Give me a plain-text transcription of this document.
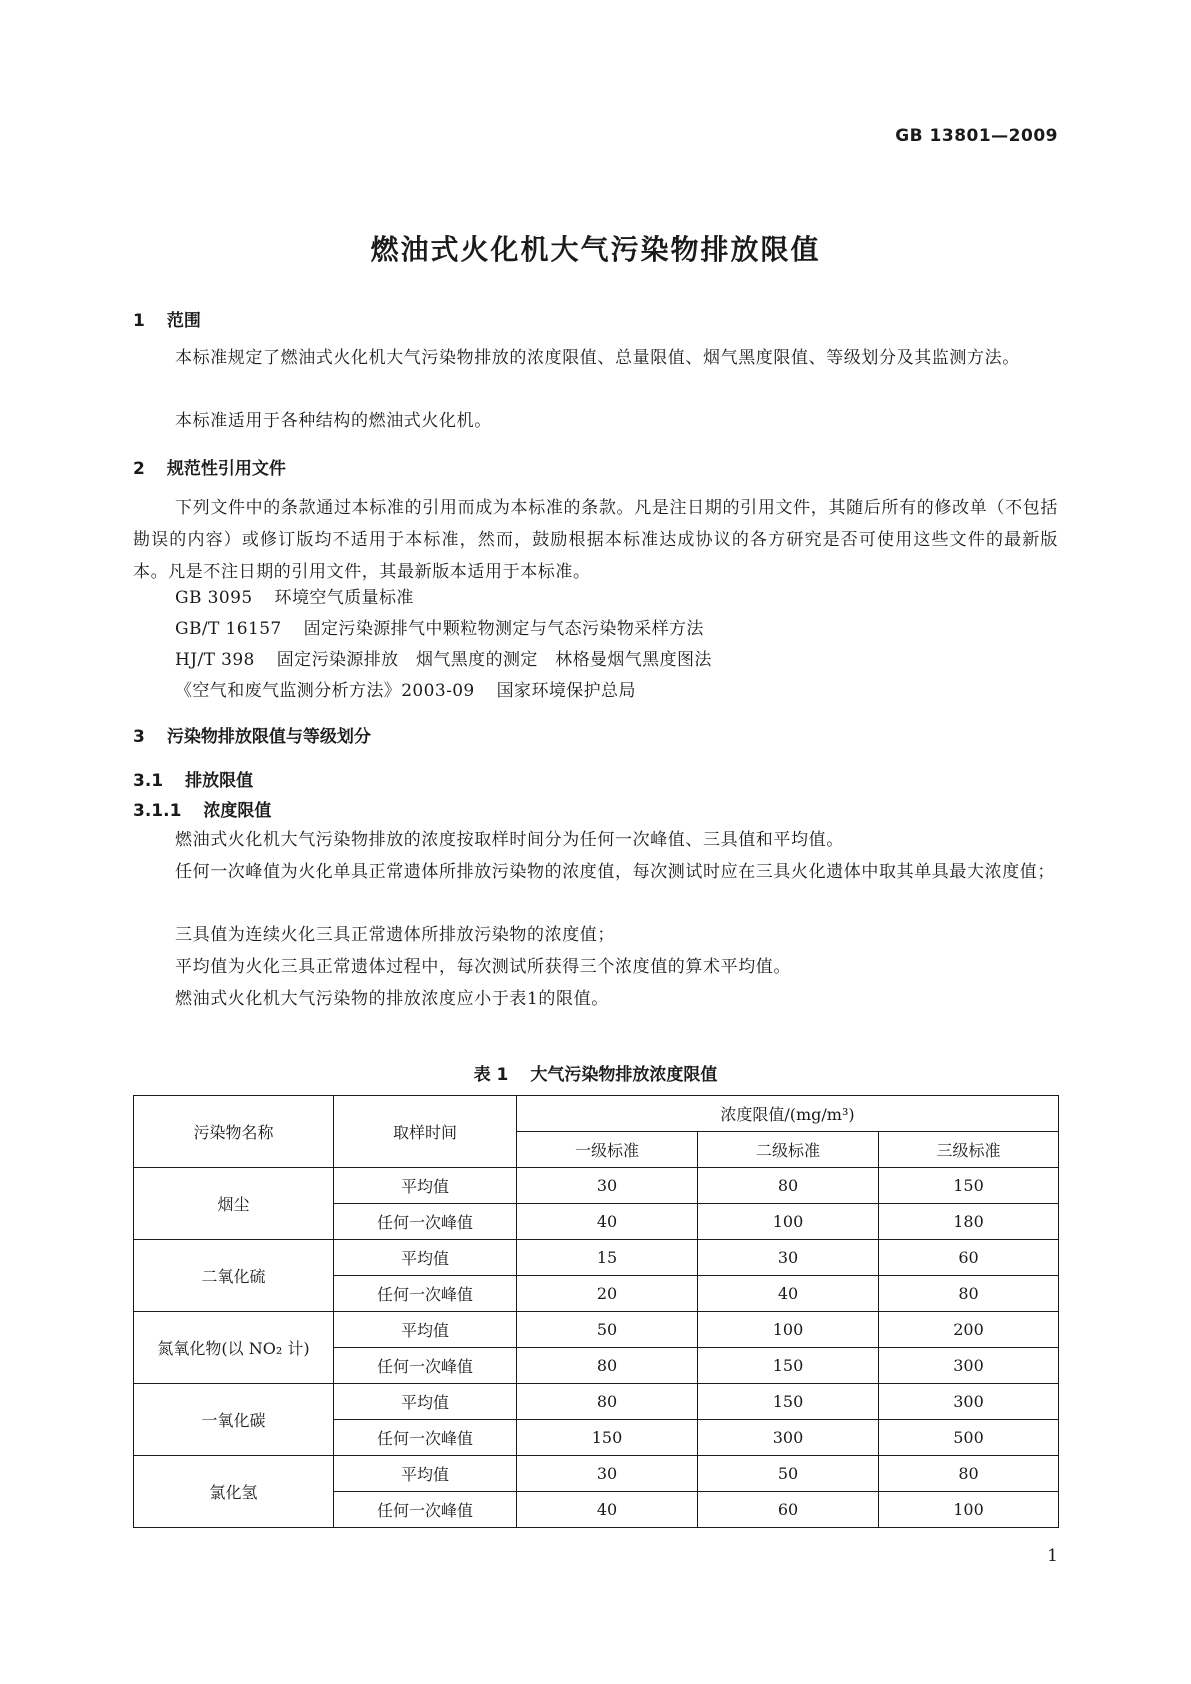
GB 13801—2009
燃油式火化机大气污染物排放限值
1 范围
本标准规定了燃油式火化机大气污染物排放的浓度限值、总量限值、烟气黑度限值、等级划分及其监测方法。
本标准适用于各种结构的燃油式火化机。
2 规范性引用文件
下列文件中的条款通过本标准的引用而成为本标准的条款。凡是注日期的引用文件，其随后所有的修改单（不包括勘误的内容）或修订版均不适用于本标准，然而，鼓励根据本标准达成协议的各方研究是否可使用这些文件的最新版本。凡是不注日期的引用文件，其最新版本适用于本标准。
GB 3095 环境空气质量标准
GB/T 16157 固定污染源排气中颗粒物测定与气态污染物采样方法
HJ/T 398 固定污染源排放　烟气黑度的测定　林格曼烟气黑度图法
《空气和废气监测分析方法》2003-09 国家环境保护总局
3 污染物排放限值与等级划分
3.1 排放限值
3.1.1 浓度限值
燃油式火化机大气污染物排放的浓度按取样时间分为任何一次峰值、三具值和平均值。
任何一次峰值为火化单具正常遗体所排放污染物的浓度值，每次测试时应在三具火化遗体中取其单具最大浓度值；
三具值为连续火化三具正常遗体所排放污染物的浓度值；
平均值为火化三具正常遗体过程中，每次测试所获得三个浓度值的算术平均值。
燃油式火化机大气污染物的排放浓度应小于表1的限值。
表 1 大气污染物排放浓度限值
污染物名称	取样时间	浓度限值/(mg/m³)		
		一级标准	二级标准	三级标准
烟尘	平均值	30	80	150
	任何一次峰值	40	100	180
二氧化硫	平均值	15	30	60
	任何一次峰值	20	40	80
氮氧化物(以 NO₂ 计)	平均值	50	100	200
	任何一次峰值	80	150	300
一氧化碳	平均值	80	150	300
	任何一次峰值	150	300	500
氯化氢	平均值	30	50	80
	任何一次峰值	40	60	100
1
